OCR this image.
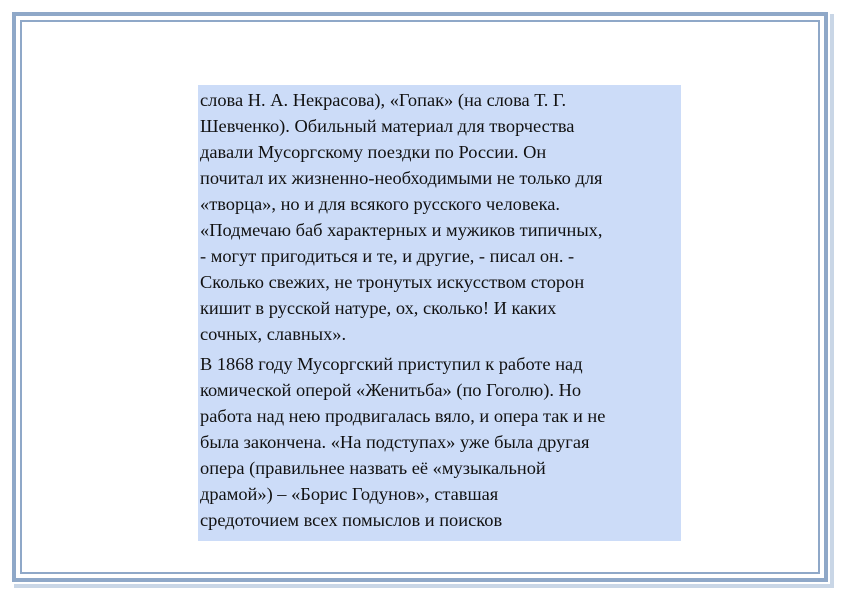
слова Н. А. Некрасова), «Гопак» (на слова Т. Г.
Шевченко). Обильный материал для творчества
давали Мусоргскому поездки по России. Он
почитал их жизненно-необходимыми не только для
«творца», но и для всякого русского человека.
«Подмечаю баб характерных и мужиков типичных,
- могут пригодиться и те, и другие, - писал он. -
Сколько свежих, не тронутых искусством сторон
кишит в русской натуре, ох, сколько! И каких
сочных, славных».

В 1868 году Мусоргский приступил к работе над
комической оперой «Женитьба» (по Гоголю). Но
работа над нею продвигалась вяло, и опера так и не
была закончена. «На подступах» уже была другая
опера (правильнее назвать её «музыкальной
драмой») – «Борис Годунов», ставшая
средоточием всех помыслов и поисков
